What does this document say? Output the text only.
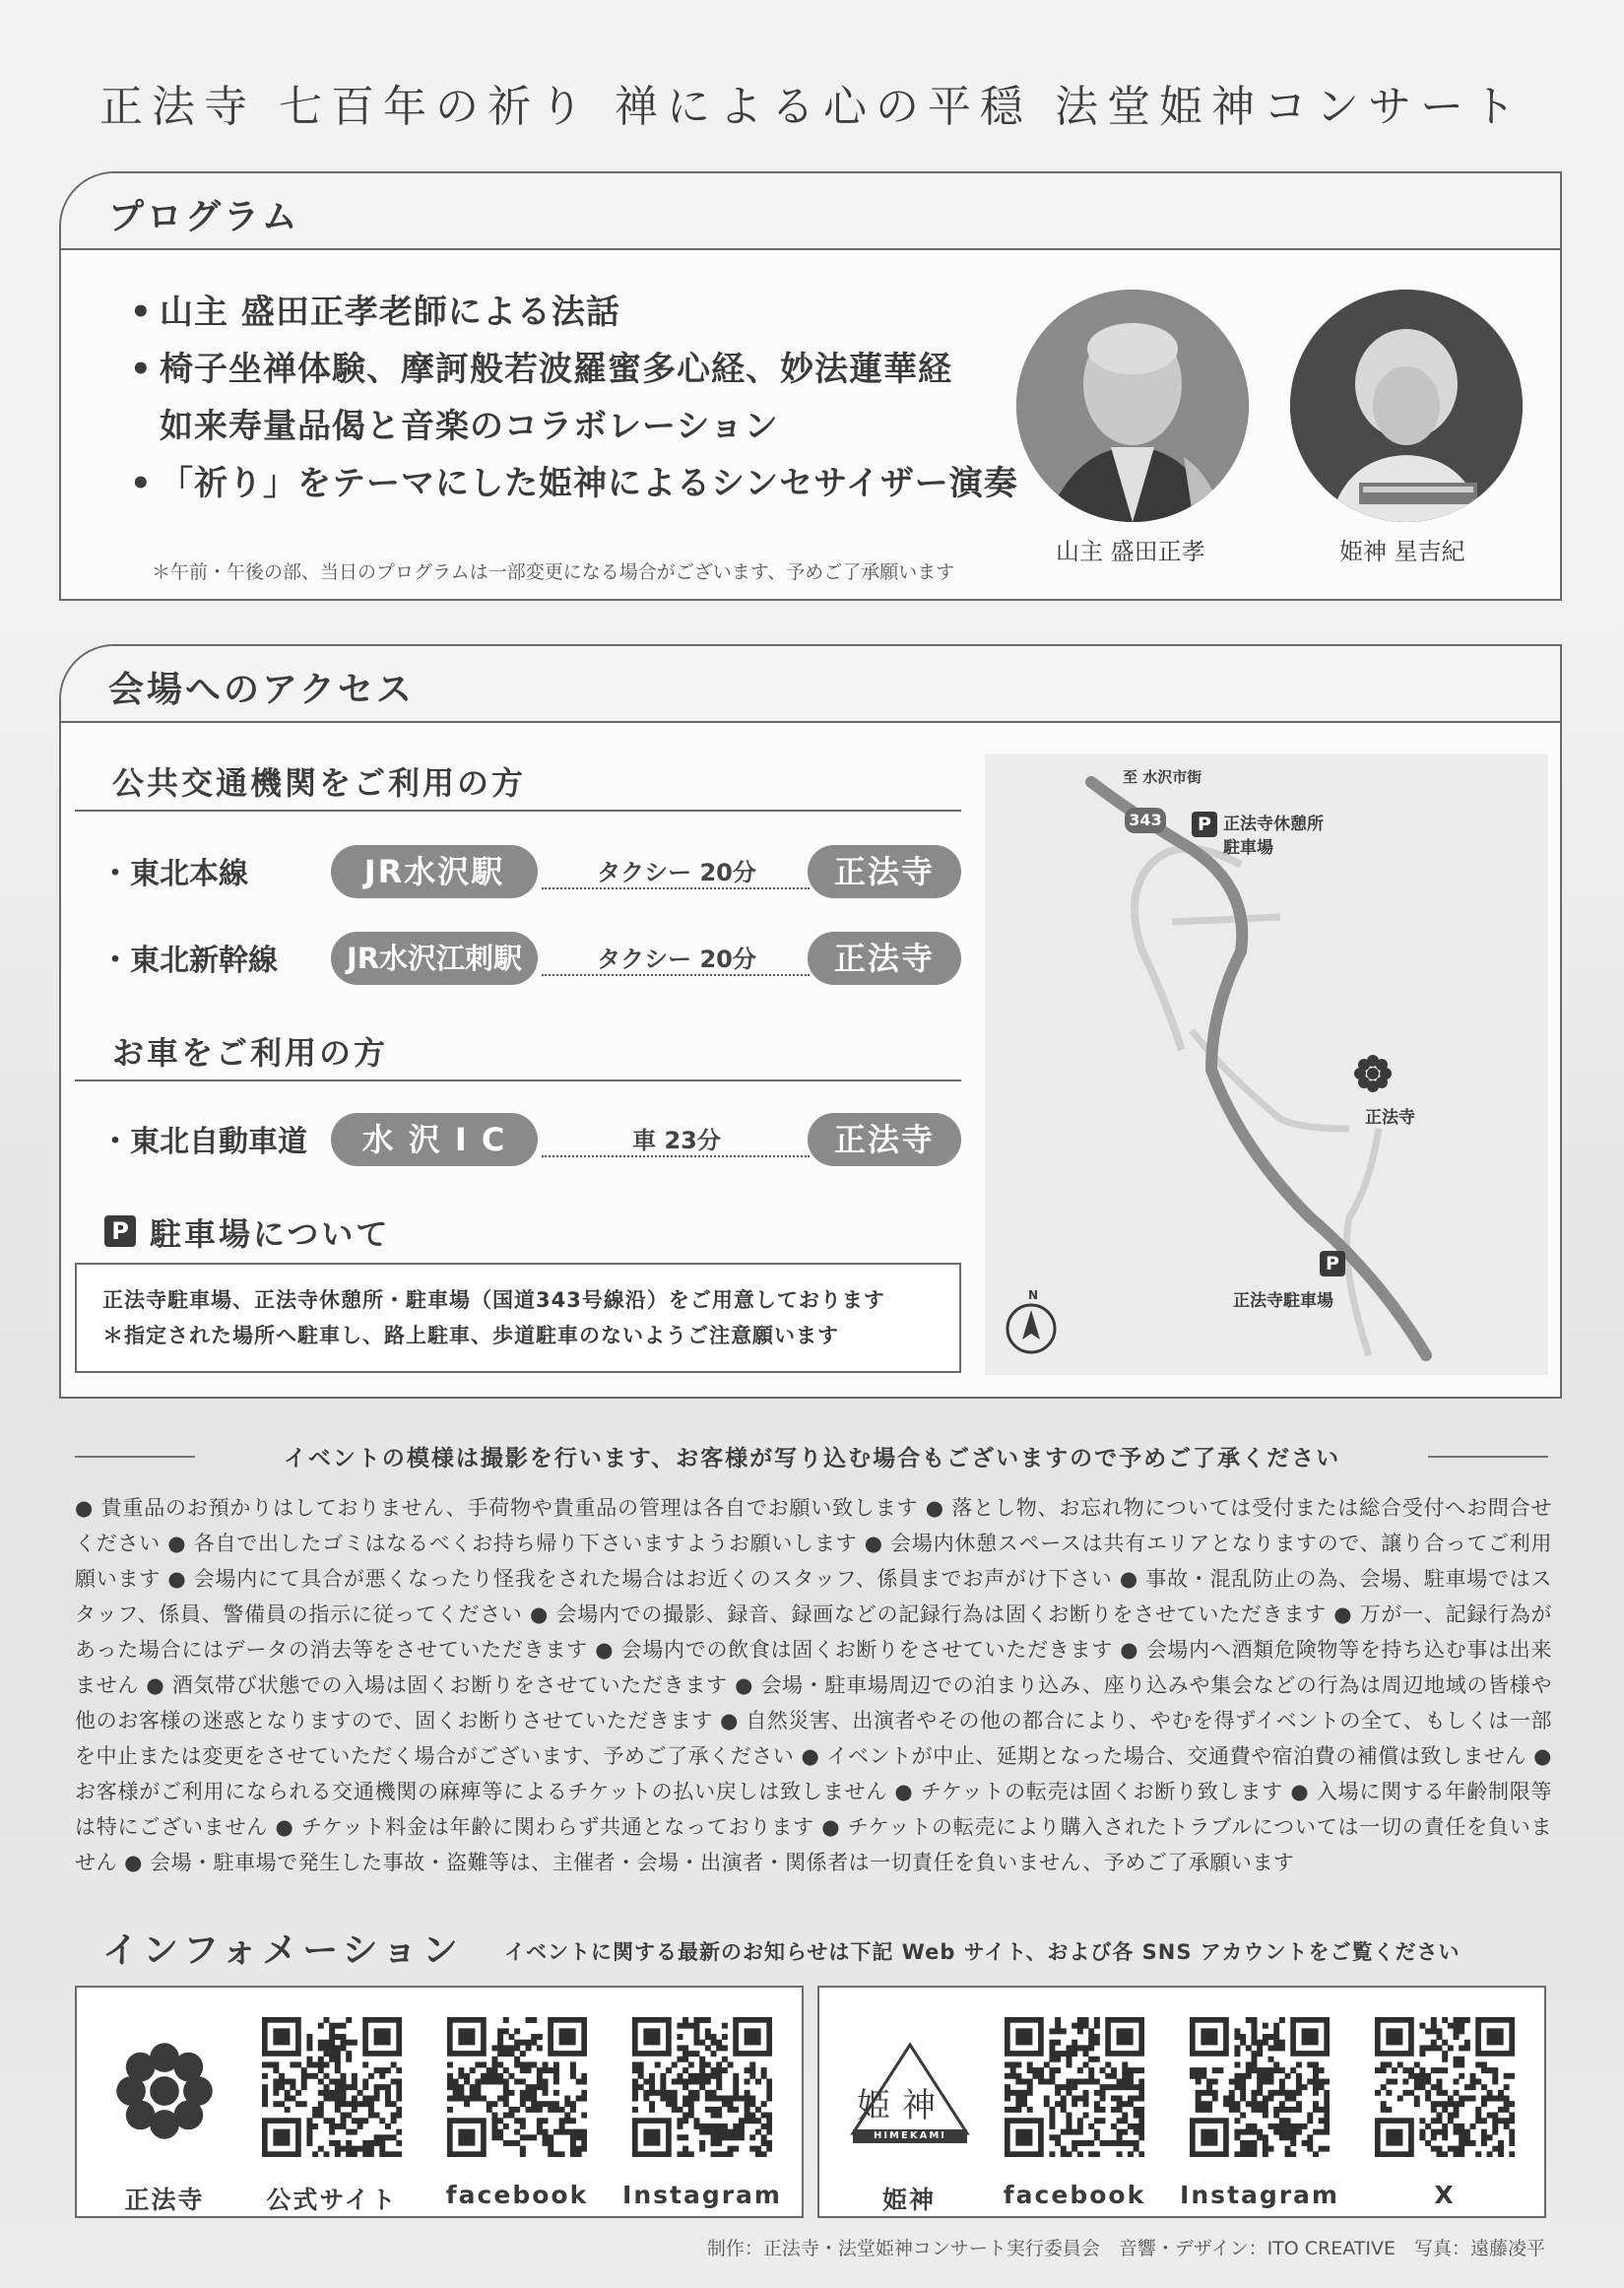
正法寺 七百年の祈り 禅による心の平穏 法堂姫神コンサート
プログラム
• 山主 盛田正孝老師による法話
• 椅子坐禅体験、摩訶般若波羅蜜多心経、妙法蓮華経
如来寿量品偈と音楽のコラボレーション
• 「祈り」をテーマにした姫神によるシンセサイザー演奏
＊午前・午後の部、当日のプログラムは一部変更になる場合がございます、予めご了承願います
山主 盛田正孝	姫神 星吉紀
会場へのアクセス
公共交通機関をご利用の方
・東北本線	JR水沢駅	タクシー 20分	正法寺
・東北新幹線	JR水沢江刺駅	タクシー 20分	正法寺
お車をご利用の方
・東北自動車道	水 沢 I C	車 23分	正法寺
P 駐車場について
正法寺駐車場、正法寺休憩所・駐車場（国道343号線沿）をご用意しております
＊指定された場所へ駐車し、路上駐車、歩道駐車のないようご注意願います
至 水沢市街
343	P 正法寺休憩所
駐車場
正法寺
P
正法寺駐車場
N
イベントの模様は撮影を行います、お客様が写り込む場合もございますので予めご了承ください
● 貴重品のお預かりはしておりません、手荷物や貴重品の管理は各自でお願い致します ● 落とし物、お忘れ物については受付または総合受付へお問合せください ● 各自で出したゴミはなるべくお持ち帰り下さいますようお願いします ● 会場内休憩スペースは共有エリアとなりますので、譲り合ってご利用願います ● 会場内にて具合が悪くなったり怪我をされた場合はお近くのスタッフ、係員までお声がけ下さい ● 事故・混乱防止の為、会場、駐車場ではスタッフ、係員、警備員の指示に従ってください ● 会場内での撮影、録音、録画などの記録行為は固くお断りをさせていただきます ● 万が一、記録行為があった場合にはデータの消去等をさせていただきます ● 会場内での飲食は固くお断りをさせていただきます ● 会場内へ酒類危険物等を持ち込む事は出来ません ● 酒気帯び状態での入場は固くお断りをさせていただきます ● 会場・駐車場周辺での泊まり込み、座り込みや集会などの行為は周辺地域の皆様や他のお客様の迷惑となりますので、固くお断りさせていただきます ● 自然災害、出演者やその他の都合により、やむを得ずイベントの全て、もしくは一部を中止または変更をさせていただく場合がございます、予めご了承ください ● イベントが中止、延期となった場合、交通費や宿泊費の補償は致しません ● お客様がご利用になられる交通機関の麻痺等によるチケットの払い戻しは致しません ● チケットの転売は固くお断り致します ● 入場に関する年齢制限等は特にございません ● チケット料金は年齢に関わらず共通となっております ● チケットの転売により購入されたトラブルについては一切の責任を負いません ● 会場・駐車場で発生した事故・盗難等は、主催者・会場・出演者・関係者は一切責任を負いません、予めご了承願います
インフォメーション イベントに関する最新のお知らせは下記 Web サイト、および各 SNS アカウントをご覧ください
正法寺	公式サイト	facebook	Instagram
姫神
HIMEKAMI
姫神	facebook	Instagram	X
制作：正法寺・法堂姫神コンサート実行委員会　音響・デザイン：ITO CREATIVE　写真：遠藤凌平
